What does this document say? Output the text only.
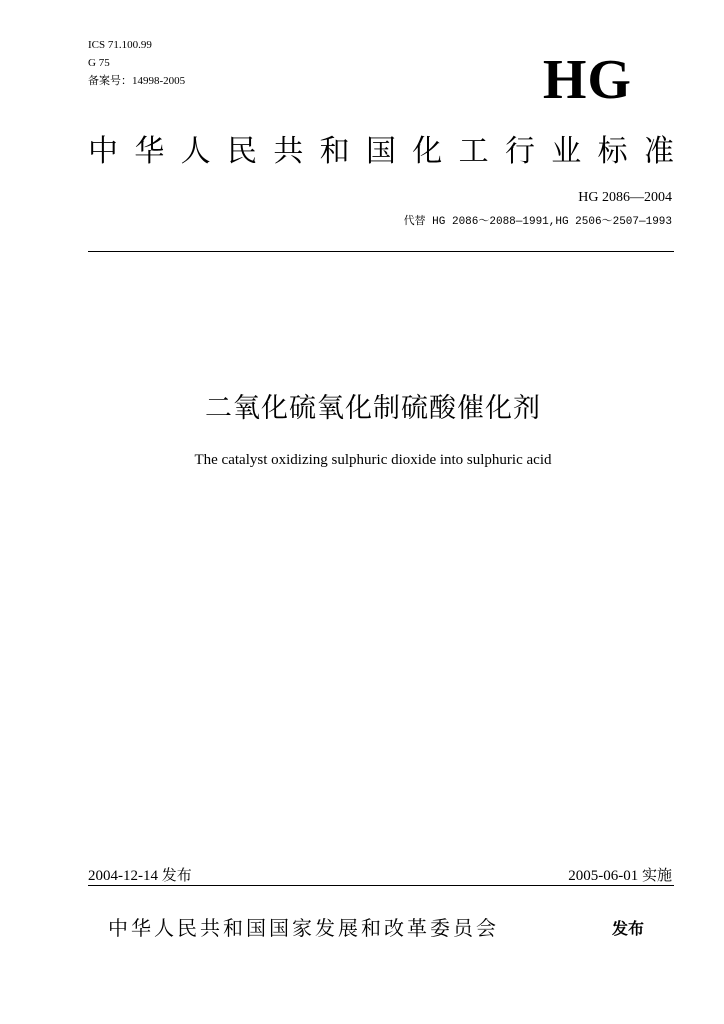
ICS 71.100.99
G 75
备案号：14998-2005	HG
中 华 人 民 共 和 国 化 工 行 业 标 准
HG 2086—2004
代替 HG 2086～2088—1991,HG 2506～2507—1993
二氧化硫氧化制硫酸催化剂
The catalyst oxidizing sulphuric dioxide into sulphuric acid
2004-12-14 发布	2005-06-01 实施
中华人民共和国国家发展和改革委员会	发布
